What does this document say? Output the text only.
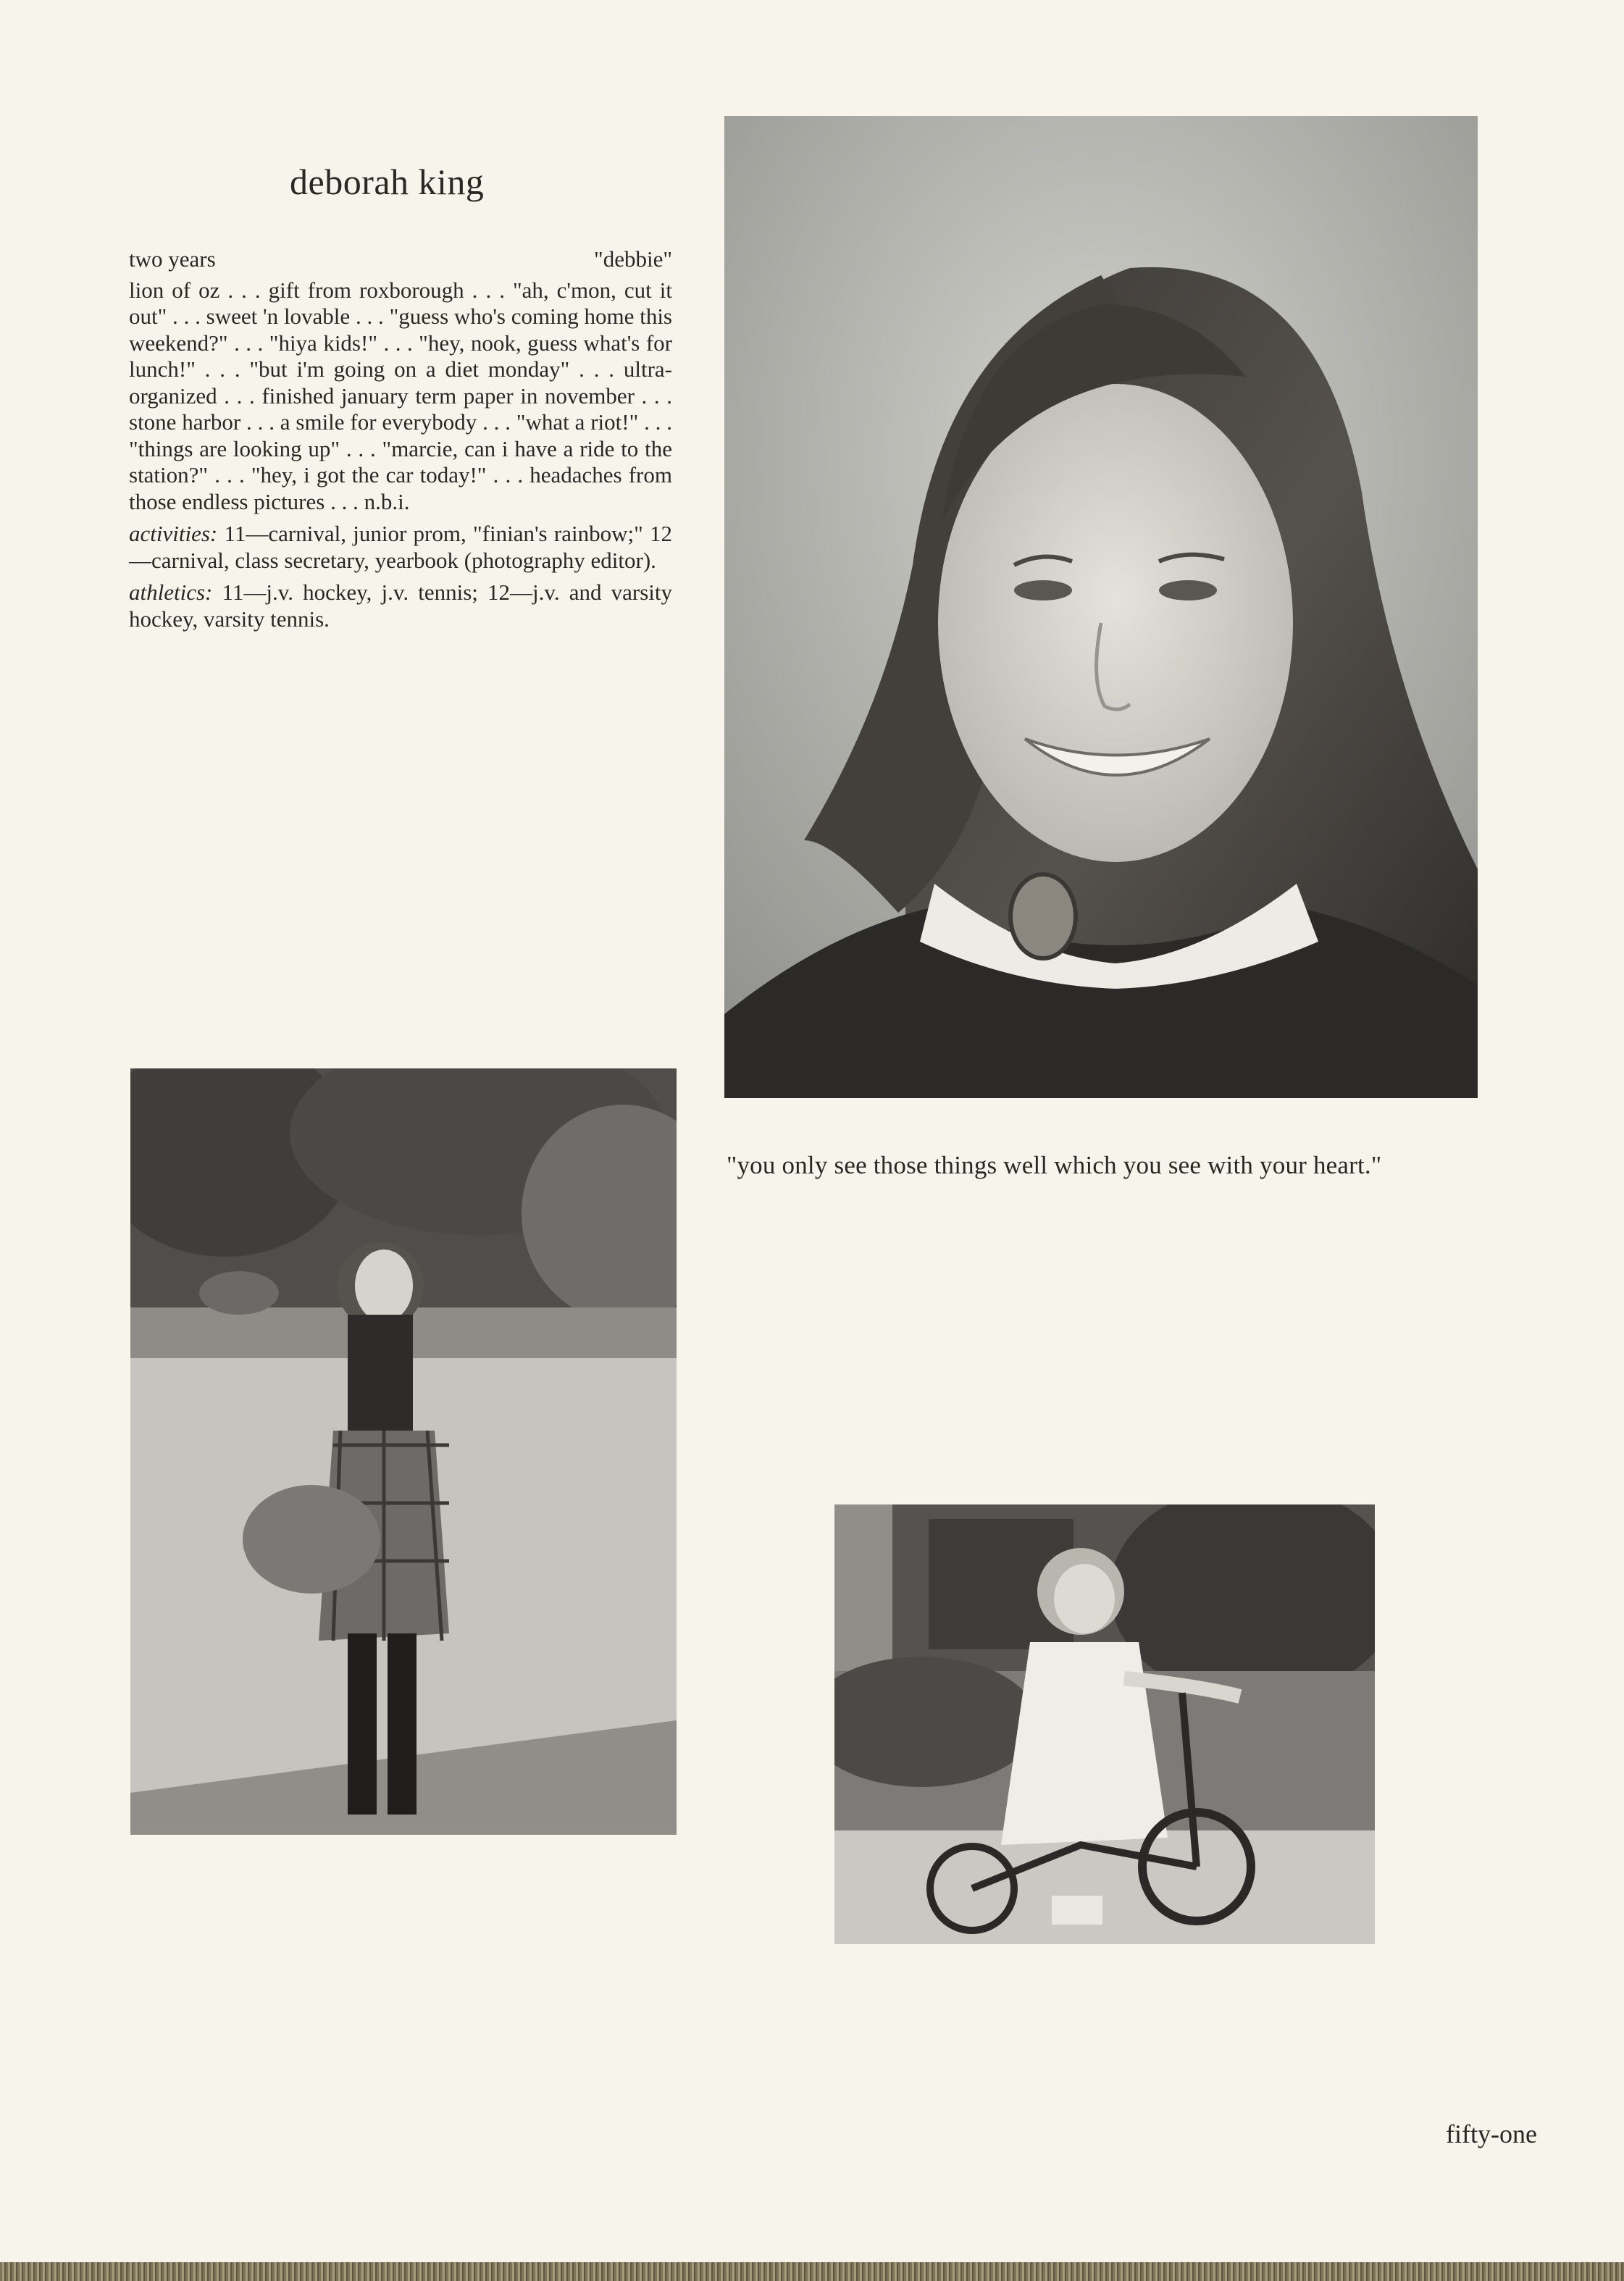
deborah king
two years	"debbie"

lion of oz . . . gift from roxborough . . . "ah, c'mon, cut it out" . . . sweet 'n lovable . . . "guess who's coming home this weekend?" . . . "hiya kids!" . . . "hey, nook, guess what's for lunch!" . . . "but i'm going on a diet monday" . . . ultra-organized . . . finished january term paper in november . . . stone harbor . . . a smile for everybody . . . "what a riot!" . . . "things are looking up" . . . "marcie, can i have a ride to the station?" . . . "hey, i got the car today!" . . . headaches from those endless pictures . . . n.b.i.

activities: 11—carnival, junior prom, "finian's rainbow;" 12—carnival, class secretary, yearbook (photography editor).

athletics: 11—j.v. hockey, j.v. tennis; 12—j.v. and varsity hockey, varsity tennis.

"you only see those things well which you see with your heart."
fifty-one
